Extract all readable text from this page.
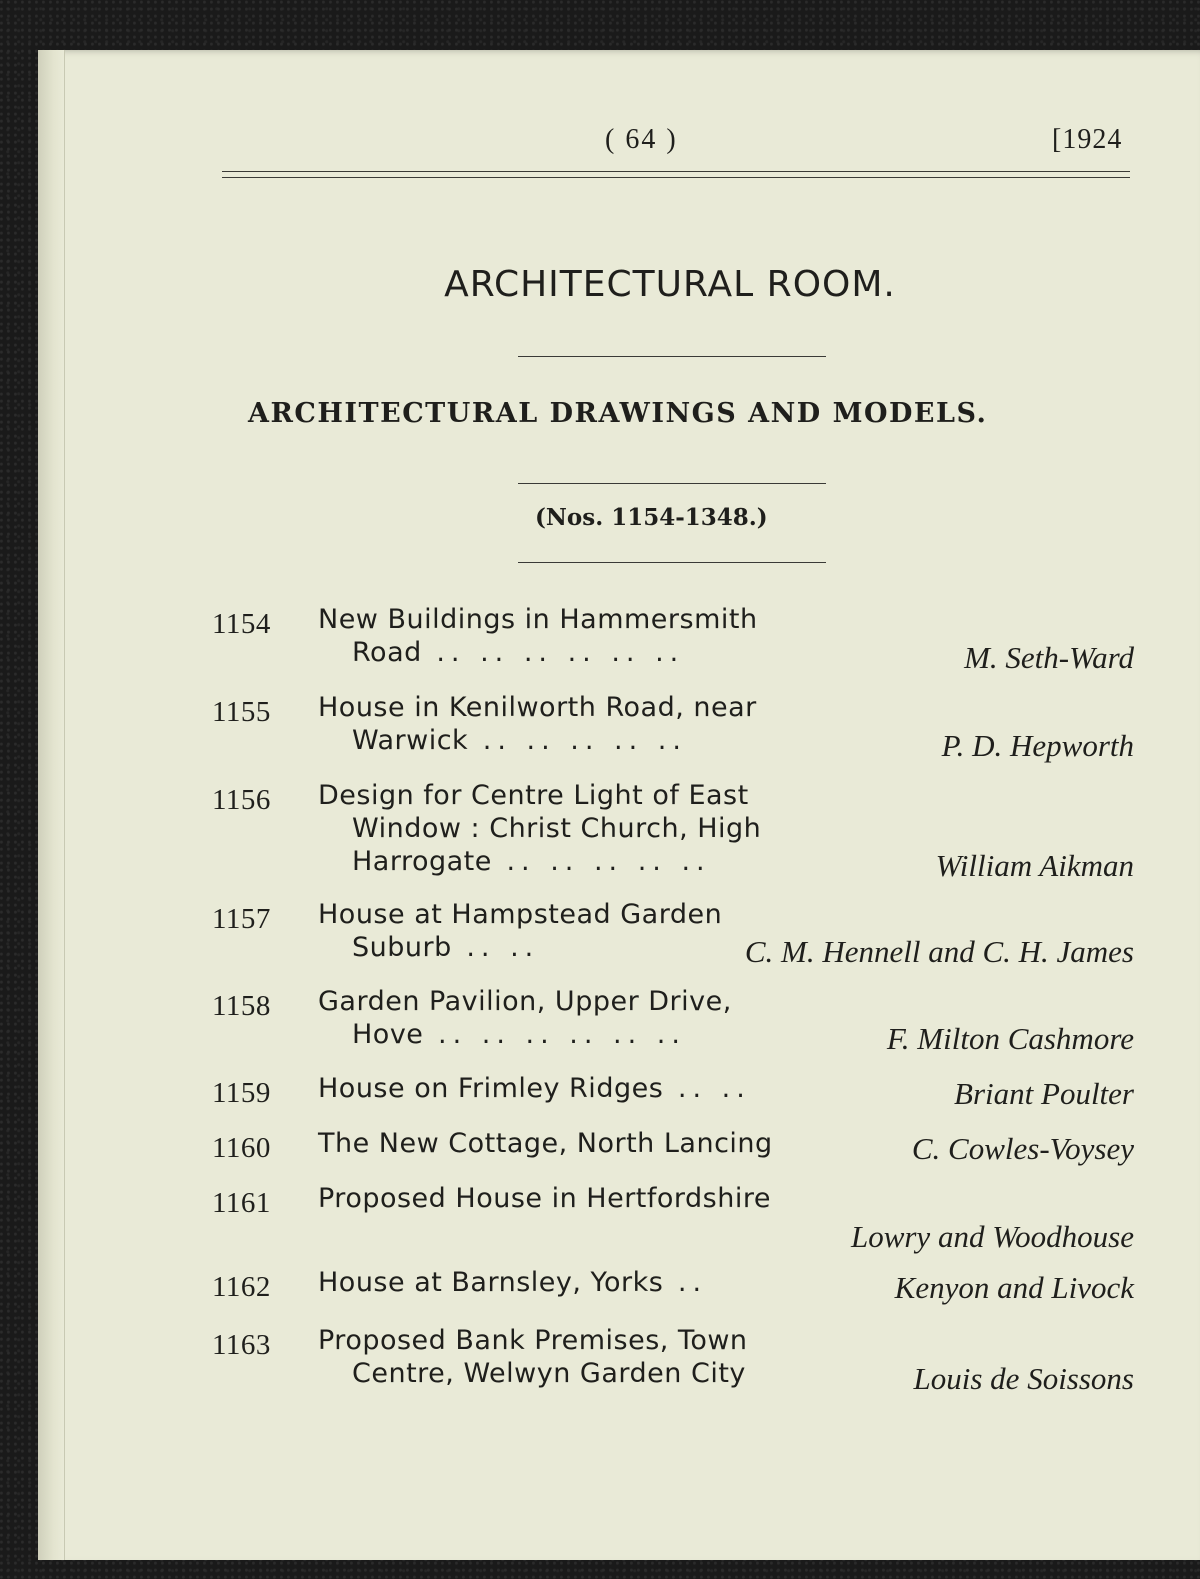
( 64 )	[1924
ARCHITECTURAL ROOM.
ARCHITECTURAL DRAWINGS AND MODELS.
(Nos. 1154-1348.)
1154 New Buildings in Hammersmith
Road .. .. .. .. .. ..	M. Seth-Ward
1155 House in Kenilworth Road, near
Warwick .. .. .. .. ..	P. D. Hepworth
1156 Design for Centre Light of East
Window : Christ Church, High
Harrogate .. .. .. .. ..	William Aikman
1157 House at Hampstead Garden
Suburb .. ..	C. M. Hennell and C. H. James
1158 Garden Pavilion, Upper Drive,
Hove .. .. .. .. .. ..	F. Milton Cashmore
1159 House on Frimley Ridges .. ..	Briant Poulter
1160 The New Cottage, North Lancing	C. Cowles-Voysey
1161 Proposed House in Hertfordshire
Lowry and Woodhouse
1162 House at Barnsley, Yorks ..	Kenyon and Livock
1163 Proposed Bank Premises, Town
Centre, Welwyn Garden City	Louis de Soissons
